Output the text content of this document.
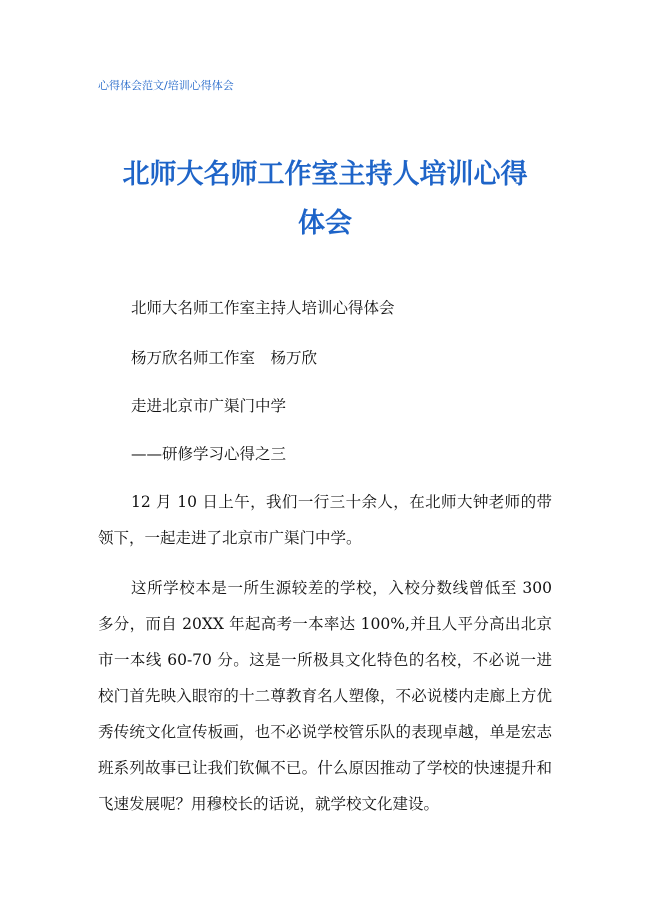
心得体会范文/培训心得体会
北师大名师工作室主持人培训心得
体会

北师大名师工作室主持人培训心得体会

杨万欣名师工作室　杨万欣

走进北京市广渠门中学

——研修学习心得之三

12 月 10 日上午，我们一行三十余人，在北师大钟老师的带领下，一起走进了北京市广渠门中学。

这所学校本是一所生源较差的学校，入校分数线曾低至 300 多分，而自 20XX 年起高考一本率达 100%,并且人平分高出北京市一本线 60-70 分。这是一所极具文化特色的名校，不必说一进校门首先映入眼帘的十二尊教育名人塑像，不必说楼内走廊上方优秀传统文化宣传板画，也不必说学校管乐队的表现卓越，单是宏志班系列故事已让我们钦佩不已。什么原因推动了学校的快速提升和飞速发展呢？用穆校长的话说，就学校文化建设。
